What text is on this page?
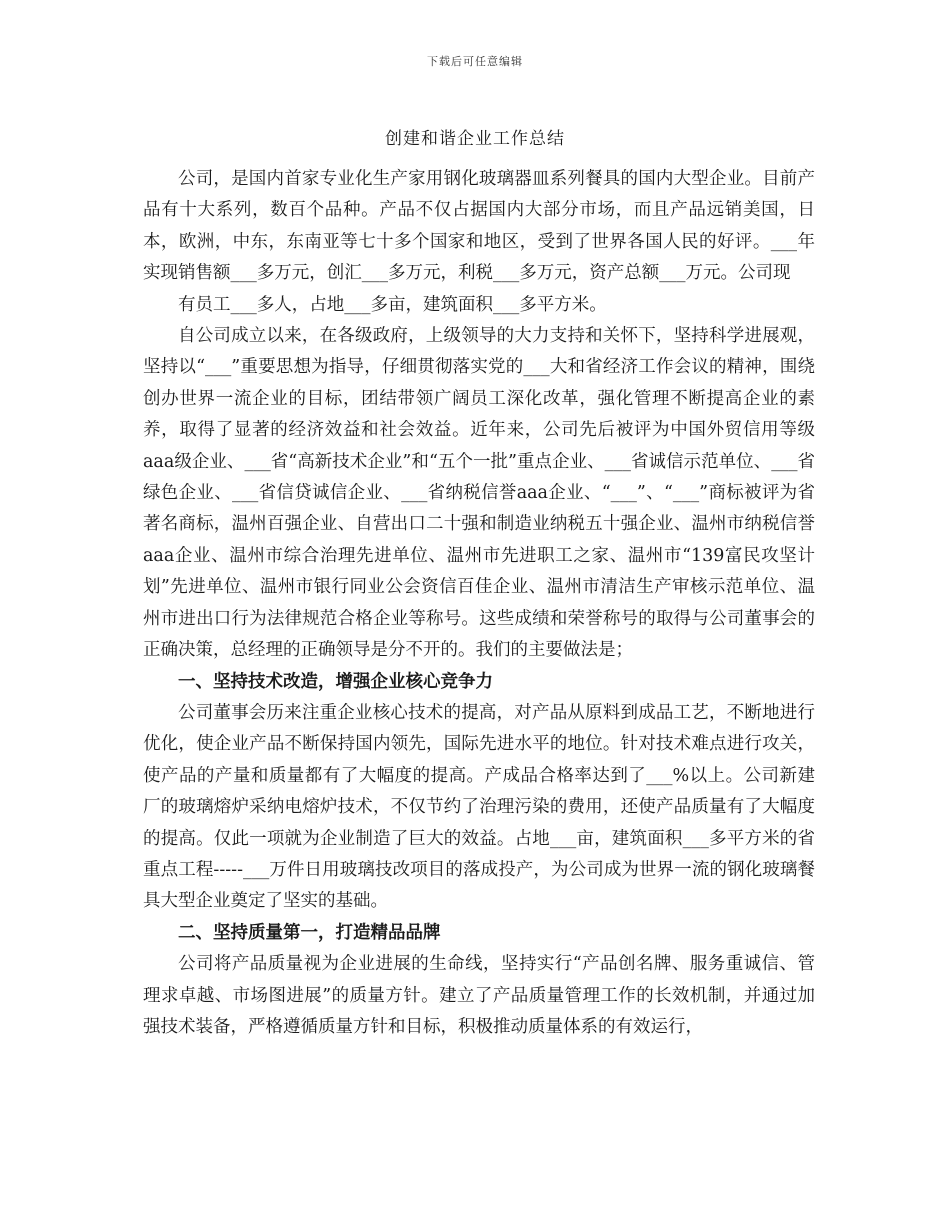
下载后可任意编辑
创建和谐企业工作总结

公司，是国内首家专业化生产家用钢化玻璃器皿系列餐具的国内大型企业。目前产品有十大系列，数百个品种。产品不仅占据国内大部分市场，而且产品远销美国，日本，欧洲，中东，东南亚等七十多个国家和地区，受到了世界各国人民的好评。___年实现销售额___多万元，创汇___多万元，利税___多万元，资产总额___万元。公司现

有员工___多人，占地___多亩，建筑面积___多平方米。

自公司成立以来，在各级政府，上级领导的大力支持和关怀下，坚持科学进展观，坚持以“___”重要思想为指导，仔细贯彻落实党的___大和省经济工作会议的精神，围绕创办世界一流企业的目标，团结带领广阔员工深化改革，强化管理不断提高企业的素养，取得了显著的经济效益和社会效益。近年来，公司先后被评为中国外贸信用等级aaa级企业、___省“高新技术企业”和“五个一批”重点企业、___省诚信示范单位、___省绿色企业、___省信贷诚信企业、___省纳税信誉aaa企业、“___”、“___”商标被评为省著名商标，温州百强企业、自营出口二十强和制造业纳税五十强企业、温州市纳税信誉aaa企业、温州市综合治理先进单位、温州市先进职工之家、温州市“139富民攻坚计划”先进单位、温州市银行同业公会资信百佳企业、温州市清洁生产审核示范单位、温州市进出口行为法律规范合格企业等称号。这些成绩和荣誉称号的取得与公司董事会的正确决策，总经理的正确领导是分不开的。我们的主要做法是；

一、坚持技术改造，增强企业核心竞争力

公司董事会历来注重企业核心技术的提高，对产品从原料到成品工艺，不断地进行优化，使企业产品不断保持国内领先，国际先进水平的地位。针对技术难点进行攻关，使产品的产量和质量都有了大幅度的提高。产成品合格率达到了___%以上。公司新建厂的玻璃熔炉采纳电熔炉技术，不仅节约了治理污染的费用，还使产品质量有了大幅度的提高。仅此一项就为企业制造了巨大的效益。占地___亩，建筑面积___多平方米的省重点工程-----___万件日用玻璃技改项目的落成投产，为公司成为世界一流的钢化玻璃餐具大型企业奠定了坚实的基础。

二、坚持质量第一，打造精品品牌

公司将产品质量视为企业进展的生命线，坚持实行“产品创名牌、服务重诚信、管理求卓越、市场图进展”的质量方针。建立了产品质量管理工作的长效机制，并通过加强技术装备，严格遵循质量方针和目标，积极推动质量体系的有效运行，
